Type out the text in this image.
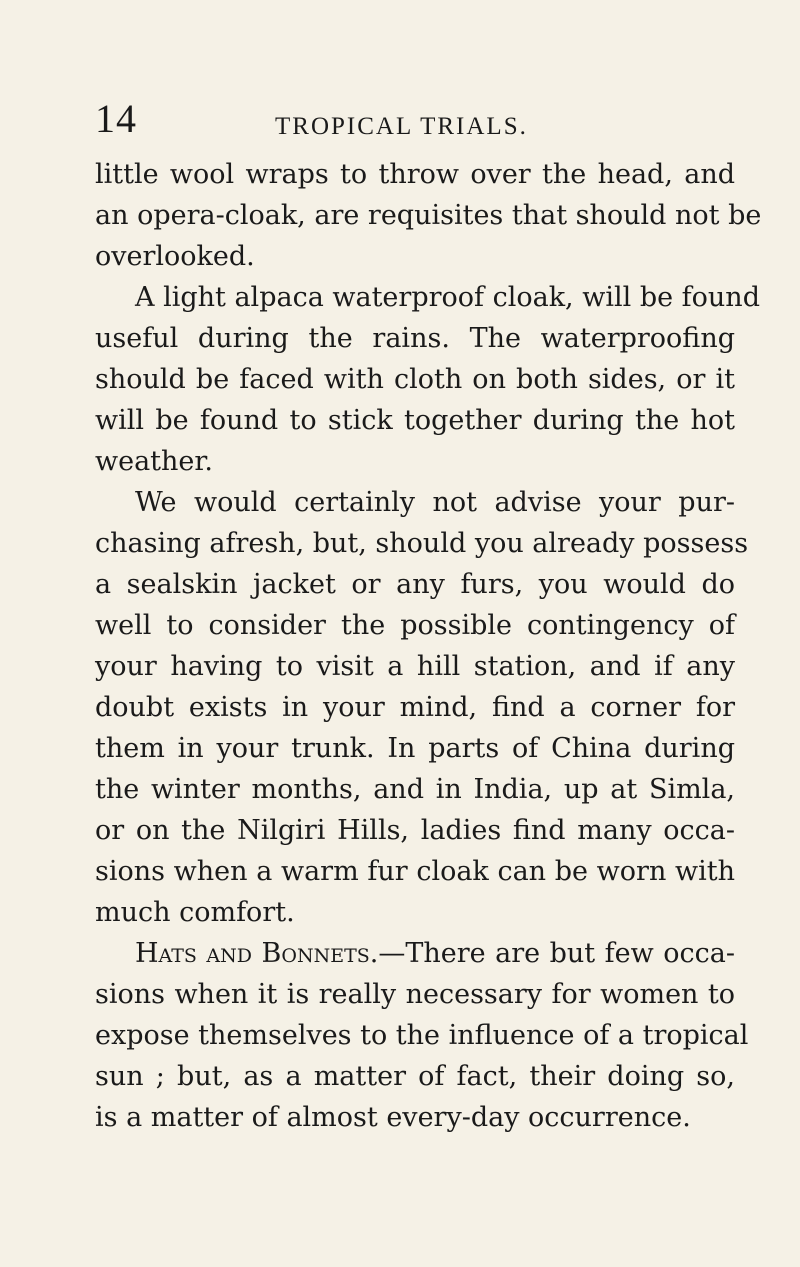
14	TROPICAL TRIALS.
little wool wraps to throw over the head, and
an opera-cloak, are requisites that should not be
overlooked.
A light alpaca waterproof cloak, will be found
useful during the rains. The waterproofing
should be faced with cloth on both sides, or it
will be found to stick together during the hot
weather.
We would certainly not advise your pur-
chasing afresh, but, should you already possess
a sealskin jacket or any furs, you would do
well to consider the possible contingency of
your having to visit a hill station, and if any
doubt exists in your mind, find a corner for
them in your trunk. In parts of China during
the winter months, and in India, up at Simla,
or on the Nilgiri Hills, ladies find many occa-
sions when a warm fur cloak can be worn with
much comfort.
Hats and Bonnets.—There are but few occa-
sions when it is really necessary for women to
expose themselves to the influence of a tropical
sun ; but, as a matter of fact, their doing so,
is a matter of almost every-day occurrence.
